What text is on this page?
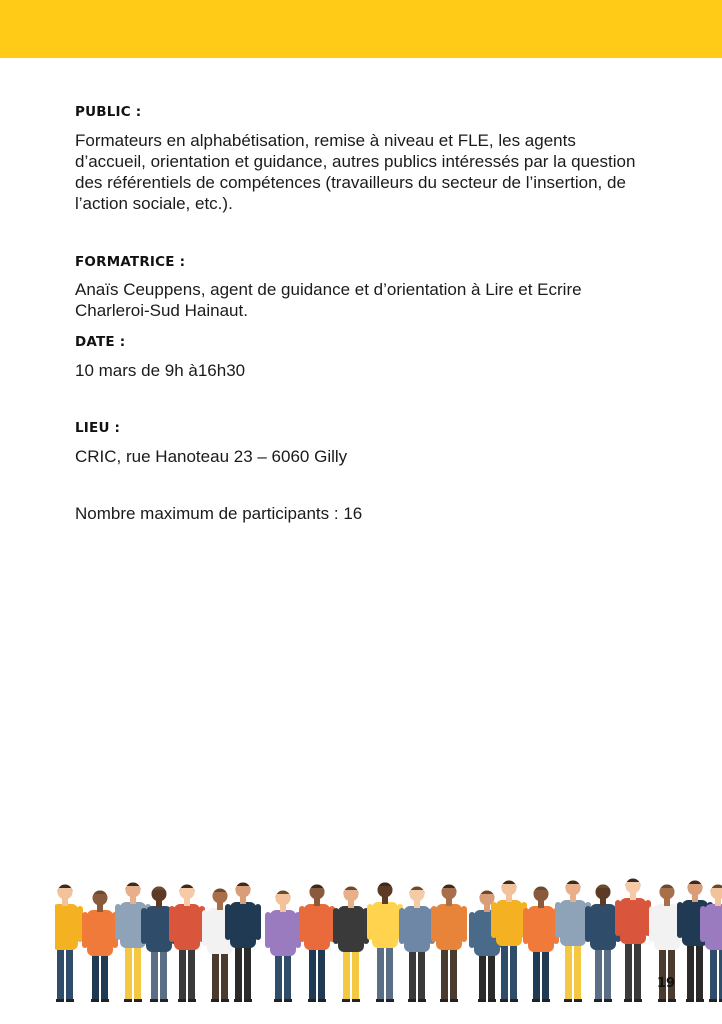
PUBLIC :

Formateurs en alphabétisation, remise à niveau et FLE, les agents d’accueil, orientation et guidance, autres publics intéressés par la question des référentiels de compétences (travailleurs du secteur de l’insertion, de l’action sociale, etc.).

FORMATRICE :

Anaïs Ceuppens, agent de guidance et d’orientation à Lire et Ecrire Charleroi-Sud Hainaut.

DATE :

10 mars de 9h à16h30

LIEU :

CRIC, rue Hanoteau 23 – 6060 Gilly

Nombre maximum de participants : 16

19
